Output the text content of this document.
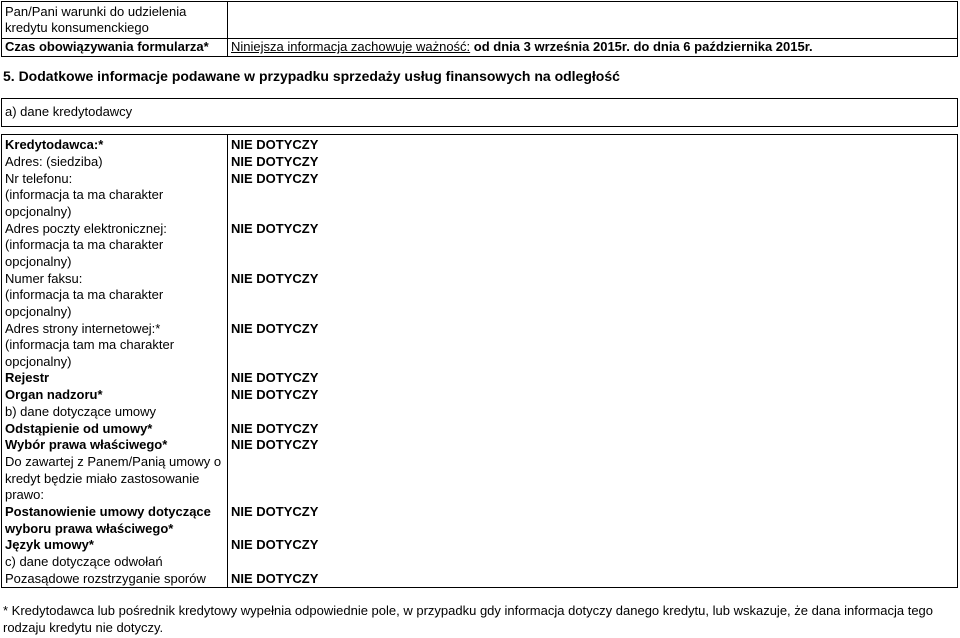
Pan/Pani warunki do udzielenia
kredytu konsumenckiego
Czas obowiązywania formularza*	Niniejsza informacja zachowuje ważność: od dnia 3 września 2015r. do dnia 6 października 2015r.
5. Dodatkowe informacje podawane w przypadku sprzedaży usług finansowych na odległość
a) dane kredytodawcy
Kredytodawca:*
Adres: (siedziba)
Nr telefonu:
(informacja ta ma charakter
opcjonalny)
Adres poczty elektronicznej:
(informacja ta ma charakter
opcjonalny)
Numer faksu:
(informacja ta ma charakter
opcjonalny)
Adres strony internetowej:*
(informacja tam ma charakter
opcjonalny)
Rejestr
Organ nadzoru*
b) dane dotyczące umowy
Odstąpienie od umowy*
Wybór prawa właściwego*
Do zawartej z Panem/Panią umowy o
kredyt będzie miało zastosowanie
prawo:
Postanowienie umowy dotyczące
wyboru prawa właściwego*
Język umowy*
c) dane dotyczące odwołań
Pozasądowe rozstrzyganie sporów
NIE DOTYCZY
NIE DOTYCZY
NIE DOTYCZY
NIE DOTYCZY
NIE DOTYCZY
NIE DOTYCZY
NIE DOTYCZY
NIE DOTYCZY
NIE DOTYCZY
NIE DOTYCZY
NIE DOTYCZY
NIE DOTYCZY
NIE DOTYCZY
* Kredytodawca lub pośrednik kredytowy wypełnia odpowiednie pole, w przypadku gdy informacja dotyczy danego kredytu, lub wskazuje, że dana informacja tego rodzaju kredytu nie dotyczy.
